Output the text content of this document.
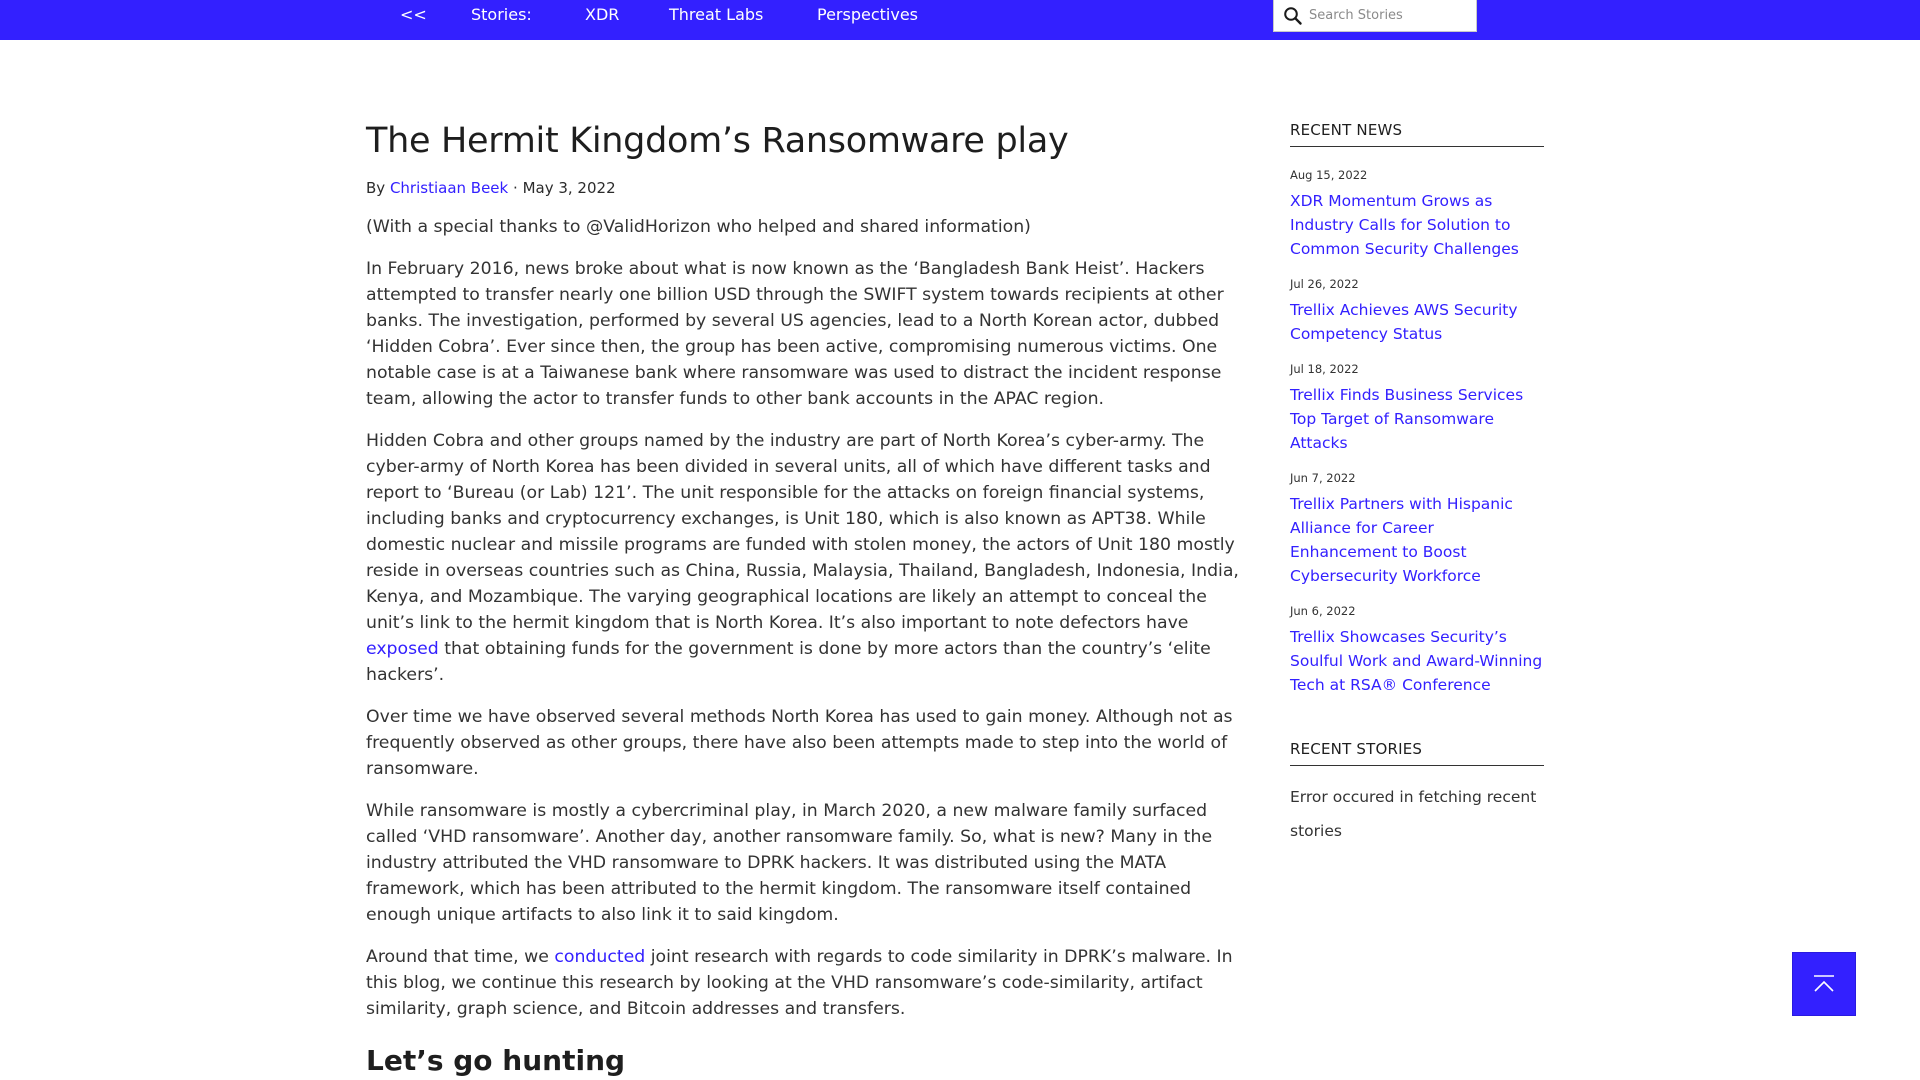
<<	Stories:	XDR	Threat Labs	Perspectives
Search Stories
The Hermit Kingdom’s Ransomware play
By Christiaan Beek · May 3, 2022

(With a special thanks to @ValidHorizon who helped and shared information)

In February 2016, news broke about what is now known as the ‘Bangladesh Bank Heist’. Hackers attempted to transfer nearly one billion USD through the SWIFT system towards recipients at other banks. The investigation, performed by several US agencies, lead to a North Korean actor, dubbed ‘Hidden Cobra’. Ever since then, the group has been active, compromising numerous victims. One notable case is at a Taiwanese bank where ransomware was used to distract the incident response team, allowing the actor to transfer funds to other bank accounts in the APAC region.

Hidden Cobra and other groups named by the industry are part of North Korea’s cyber-army. The cyber-army of North Korea has been divided in several units, all of which have different tasks and report to ‘Bureau (or Lab) 121’. The unit responsible for the attacks on foreign financial systems, including banks and cryptocurrency exchanges, is Unit 180, which is also known as APT38. While domestic nuclear and missile programs are funded with stolen money, the actors of Unit 180 mostly reside in overseas countries such as China, Russia, Malaysia, Thailand, Bangladesh, Indonesia, India, Kenya, and Mozambique. The varying geographical locations are likely an attempt to conceal the unit’s link to the hermit kingdom that is North Korea. It’s also important to note defectors have exposed that obtaining funds for the government is done by more actors than the country’s ‘elite hackers’.

Over time we have observed several methods North Korea has used to gain money. Although not as frequently observed as other groups, there have also been attempts made to step into the world of ransomware.

While ransomware is mostly a cybercriminal play, in March 2020, a new malware family surfaced called ‘VHD ransomware’. Another day, another ransomware family. So, what is new? Many in the industry attributed the VHD ransomware to DPRK hackers. It was distributed using the MATA framework, which has been attributed to the hermit kingdom. The ransomware itself contained enough unique artifacts to also link it to said kingdom.

Around that time, we conducted joint research with regards to code similarity in DPRK’s malware. In this blog, we continue this research by looking at the VHD ransomware’s code-similarity, artifact similarity, graph science, and Bitcoin addresses and transfers.

Let’s go hunting
RECENT NEWS
Aug 15, 2022
XDR Momentum Grows as Industry Calls for Solution to Common Security Challenges
Jul 26, 2022
Trellix Achieves AWS Security Competency Status
Jul 18, 2022
Trellix Finds Business Services Top Target of Ransomware Attacks
Jun 7, 2022
Trellix Partners with Hispanic Alliance for Career Enhancement to Boost Cybersecurity Workforce
Jun 6, 2022
Trellix Showcases Security’s Soulful Work and Award-Winning Tech at RSA® Conference
RECENT STORIES
Error occured in fetching recent stories
